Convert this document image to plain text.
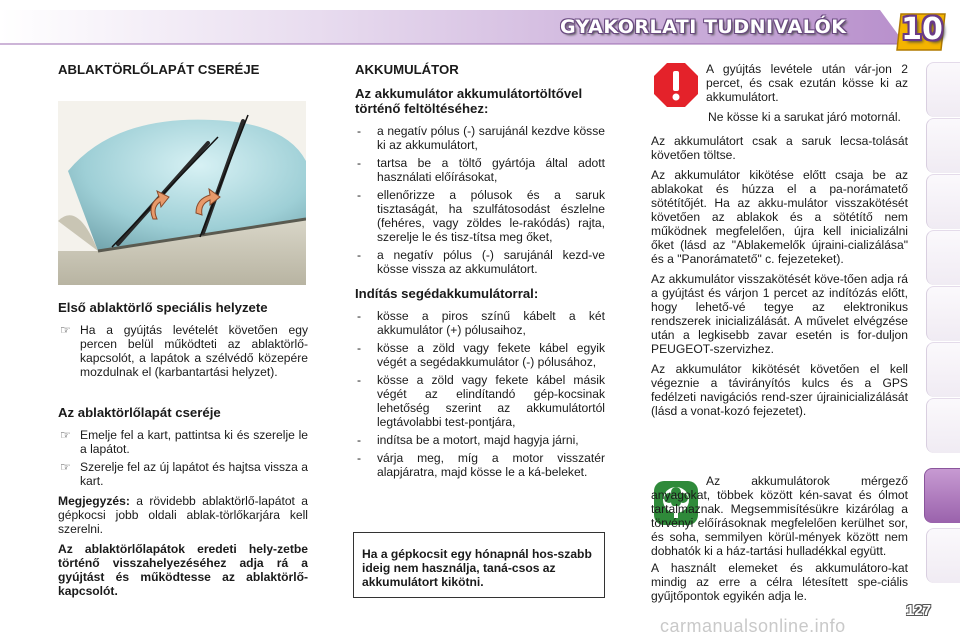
GYAKORLATI TUDNIVALÓK 10
ABLAKTÖRLŐLAPÁT CSERÉJE
Első ablaktörlő speciális helyzete
☞ Ha a gyújtás levételét követően egy percen belül működteti az ablaktörlő-kapcsolót, a lapátok a szélvédő közepére mozdulnak el (karbantartási helyzet).
Az ablaktörlőlapát cseréje
☞ Emelje fel a kart, pattintsa ki és szerelje le a lapátot.
☞ Szerelje fel az új lapátot és hajtsa vissza a kart.

Megjegyzés: a rövidebb ablaktörlő-lapátot a gépkocsi jobb oldali ablak-törlőkarjára kell szerelni.

Az ablaktörlőlapátok eredeti hely-zetbe történő visszahelyezéséhez adja rá a gyújtást és működtesse az ablaktörlő-kapcsolót.

AKKUMULÁTOR
Az akkumulátor akkumulátortöltővel történő feltöltéséhez:
- a negatív pólus (-) sarujánál kezdve kösse ki az akkumulátort,
- tartsa be a töltő gyártója által adott használati előírásokat,
- ellenőrizze a pólusok és a saruk tisztaságát, ha szulfátosodást észlelne (fehéres, vagy zöldes le-rakódás) rajta, szerelje le és tisz-títsa meg őket,
- a negatív pólus (-) sarujánál kezd-ve kösse vissza az akkumulátort.
Indítás segédakkumulátorral:
- kösse a piros színű kábelt a két akkumulátor (+) pólusaihoz,
- kösse a zöld vagy fekete kábel egyik végét a segédakkumulátor (-) pólusához,
- kösse a zöld vagy fekete kábel másik végét az elindítandó gép-kocsinak lehetőség szerint az akkumulátortól legtávolabbi test-pontjára,
- indítsa be a motort, majd hagyja járni,
- várja meg, míg a motor visszatér alapjáratra, majd kösse le a ká-beleket.
Ha a gépkocsit egy hónapnál hos-szabb ideig nem használja, taná-csos az akkumulátort kikötni.

A gyújtás levétele után vár-jon 2 percet, és csak ezután kösse ki az akkumulátort.

Ne kösse ki a sarukat járó motornál.

Az akkumulátort csak a saruk lecsa-tolását követően töltse.

Az akkumulátor kikötése előtt csaja be az ablakokat és húzza el a pa-norámatető sötétítőjét. Ha az akku-mulátor visszakötését követően az ablakok és a sötétítő nem működnek megfelelően, újra kell inicializálni őket (lásd az "Ablakemelők újraini-cializálása" és a "Panorámatető" c. fejezeteket).

Az akkumulátor visszakötését köve-tően adja rá a gyújtást és várjon 1 percet az indítózás előtt, hogy lehető-vé tegye az elektronikus rendszerek inicializálását. A művelet elvégzése után a legkisebb zavar esetén is for-duljon PEUGEOT-szervizhez.

Az akkumulátor kikötését követően el kell végeznie a távirányítós kulcs és a GPS fedélzeti navigációs rend-szer újrainicializálását (lásd a vonat-kozó fejezetet).

Az akkumulátorok mérgező anyagokat, többek között kén-savat és ólmot tartalmaznak. Megsemmisítésükre kizárólag a törvényi előírásoknak megfelelően kerülhet sor, és soha, semmilyen körül-mények között nem dobhatók ki a ház-tartási hulladékkal együtt.

A használt elemeket és akkumulátoro-kat mindig az erre a célra létesített spe-ciális gyűjtőpontok egyikén adja le.

127
carmanualsonline.info
